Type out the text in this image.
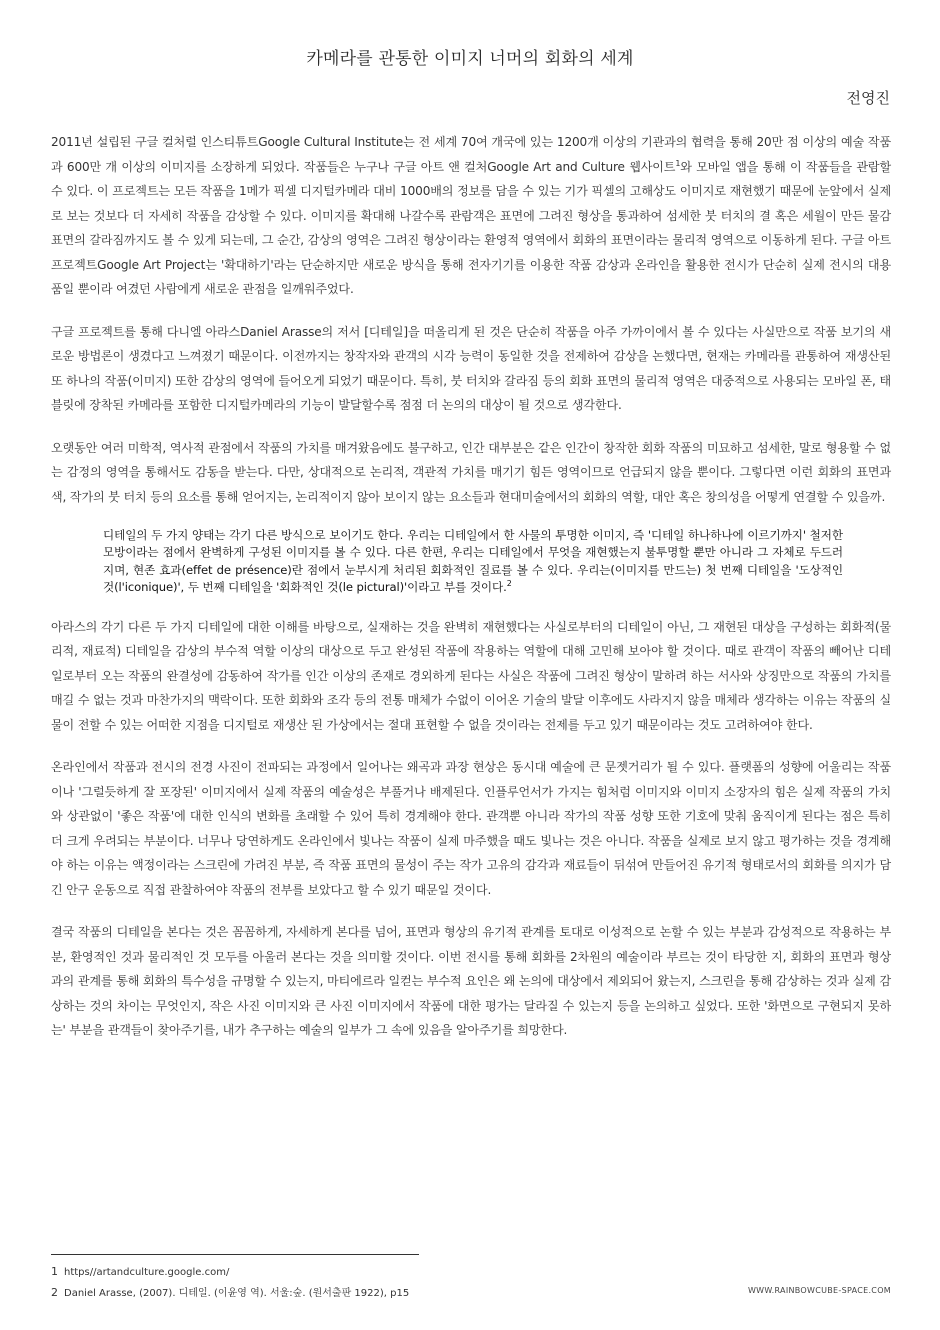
카메라를 관통한 이미지 너머의 회화의 세계
전영진

2011년 설립된 구글 컬처럴 인스티튜트Google Cultural Institute는 전 세계 70여 개국에 있는 1200개 이상의 기관과의 협력을 통해 20만 점 이상의 예술 작품과 600만 개 이상의 이미지를 소장하게 되었다. 작품들은 누구나 구글 아트 앤 컬처Google Art and Culture 웹사이트$^1$와 모바일 앱을 통해 이 작품들을 관람할 수 있다. 이 프로젝트는 모든 작품을 1메가 픽셀 디지털카메라 대비 1000배의 정보를 담을 수 있는 기가 픽셀의 고해상도 이미지로 재현했기 때문에 눈앞에서 실제로 보는 것보다 더 자세히 작품을 감상할 수 있다. 이미지를 확대해 나갈수록 관람객은 표면에 그려진 형상을 통과하여 섬세한 붓 터치의 결 혹은 세월이 만든 물감 표면의 갈라짐까지도 볼 수 있게 되는데, 그 순간, 감상의 영역은 그려진 형상이라는 환영적 영역에서 회화의 표면이라는 물리적 영역으로 이동하게 된다. 구글 아트 프로젝트Google Art Project는 '확대하기'라는 단순하지만 새로운 방식을 통해 전자기기를 이용한 작품 감상과 온라인을 활용한 전시가 단순히 실제 전시의 대용품일 뿐이라 여겼던 사람에게 새로운 관점을 일깨워주었다.

구글 프로젝트를 통해 다니엘 아라스Daniel Arasse의 저서 [디테일]을 떠올리게 된 것은 단순히 작품을 아주 가까이에서 볼 수 있다는 사실만으로 작품 보기의 새로운 방법론이 생겼다고 느껴졌기 때문이다. 이전까지는 창작자와 관객의 시각 능력이 동일한 것을 전제하여 감상을 논했다면, 현재는 카메라를 관통하여 재생산된 또 하나의 작품(이미지) 또한 감상의 영역에 들어오게 되었기 때문이다. 특히, 붓 터치와 갈라짐 등의 회화 표면의 물리적 영역은 대중적으로 사용되는 모바일 폰, 태블릿에 장착된 카메라를 포함한 디지털카메라의 기능이 발달할수록 점점 더 논의의 대상이 될 것으로 생각한다.

오랫동안 여러 미학적, 역사적 관점에서 작품의 가치를 매겨왔음에도 불구하고, 인간 대부분은 같은 인간이 창작한 회화 작품의 미묘하고 섬세한, 말로 형용할 수 없는 감정의 영역을 통해서도 감동을 받는다. 다만, 상대적으로 논리적, 객관적 가치를 매기기 힘든 영역이므로 언급되지 않을 뿐이다. 그렇다면 이런 회화의 표면과 색, 작가의 붓 터치 등의 요소를 통해 얻어지는, 논리적이지 않아 보이지 않는 요소들과 현대미술에서의 회화의 역할, 대안 혹은 창의성을 어떻게 연결할 수 있을까.

디테일의 두 가지 양태는 각기 다른 방식으로 보이기도 한다. 우리는 디테일에서 한 사물의 투명한 이미지, 즉 '디테일 하나하나에 이르기까지' 철저한 모방이라는 점에서 완벽하게 구성된 이미지를 볼 수 있다. 다른 한편, 우리는 디테일에서 무엇을 재현했는지 불투명할 뿐만 아니라 그 자체로 두드러지며, 현존 효과(effet de présence)란 점에서 눈부시게 처리된 회화적인 질료를 볼 수 있다. 우리는(이미지를 만드는) 첫 번째 디테일을 '도상적인 것(l'iconique)', 두 번째 디테일을 '회화적인 것(le pictural)'이라고 부를 것이다.$^2$

아라스의 각기 다른 두 가지 디테일에 대한 이해를 바탕으로, 실재하는 것을 완벽히 재현했다는 사실로부터의 디테일이 아닌, 그 재현된 대상을 구성하는 회화적(물리적, 재료적) 디테일을 감상의 부수적 역할 이상의 대상으로 두고 완성된 작품에 작용하는 역할에 대해 고민해 보아야 할 것이다. 때로 관객이 작품의 빼어난 디테일로부터 오는 작품의 완결성에 감동하여 작가를 인간 이상의 존재로 경외하게 된다는 사실은 작품에 그려진 형상이 말하려 하는 서사와 상징만으로 작품의 가치를 매길 수 없는 것과 마찬가지의 맥락이다. 또한 회화와 조각 등의 전통 매체가 수없이 이어온 기술의 발달 이후에도 사라지지 않을 매체라 생각하는 이유는 작품의 실물이 전할 수 있는 어떠한 지점을 디지털로 재생산 된 가상에서는 절대 표현할 수 없을 것이라는 전제를 두고 있기 때문이라는 것도 고려하여야 한다.

온라인에서 작품과 전시의 전경 사진이 전파되는 과정에서 일어나는 왜곡과 과장 현상은 동시대 예술에 큰 문젯거리가 될 수 있다. 플랫폼의 성향에 어울리는 작품이나 '그럴듯하게 잘 포장된' 이미지에서 실제 작품의 예술성은 부풀거나 배제된다. 인플루언서가 가지는 힘처럼 이미지와 이미지 소장자의 힘은 실제 작품의 가치와 상관없이 '좋은 작품'에 대한 인식의 변화를 초래할 수 있어 특히 경계해야 한다. 관객뿐 아니라 작가의 작품 성향 또한 기호에 맞춰 움직이게 된다는 점은 특히 더 크게 우려되는 부분이다. 너무나 당연하게도 온라인에서 빛나는 작품이 실제 마주했을 때도 빛나는 것은 아니다. 작품을 실제로 보지 않고 평가하는 것을 경계해야 하는 이유는 액정이라는 스크린에 가려진 부분, 즉 작품 표면의 물성이 주는 작가 고유의 감각과 재료들이 뒤섞여 만들어진 유기적 형태로서의 회화를 의지가 담긴 안구 운동으로 직접 관찰하여야 작품의 전부를 보았다고 할 수 있기 때문일 것이다.

결국 작품의 디테일을 본다는 것은 꼼꼼하게, 자세하게 본다를 넘어, 표면과 형상의 유기적 관계를 토대로 이성적으로 논할 수 있는 부분과 감성적으로 작용하는 부분, 환영적인 것과 물리적인 것 모두를 아울러 본다는 것을 의미할 것이다. 이번 전시를 통해 회화를 2차원의 예술이라 부르는 것이 타당한 지, 회화의 표면과 형상과의 관계를 통해 회화의 특수성을 규명할 수 있는지, 마티에르라 일컫는 부수적 요인은 왜 논의에 대상에서 제외되어 왔는지, 스크린을 통해 감상하는 것과 실제 감상하는 것의 차이는 무엇인지, 작은 사진 이미지와 큰 사진 이미지에서 작품에 대한 평가는 달라질 수 있는지 등을 논의하고 싶었다. 또한 '화면으로 구현되지 못하는' 부분을 관객들이 찾아주기를, 내가 추구하는 예술의 일부가 그 속에 있음을 알아주기를 희망한다.

1 https//artandculture.google.com/
2 Daniel Arasse, (2007). 디테일. (이윤영 역). 서울:숲. (원서출판 1922), p15	WWW.RAINBOWCUBE-SPACE.COM
